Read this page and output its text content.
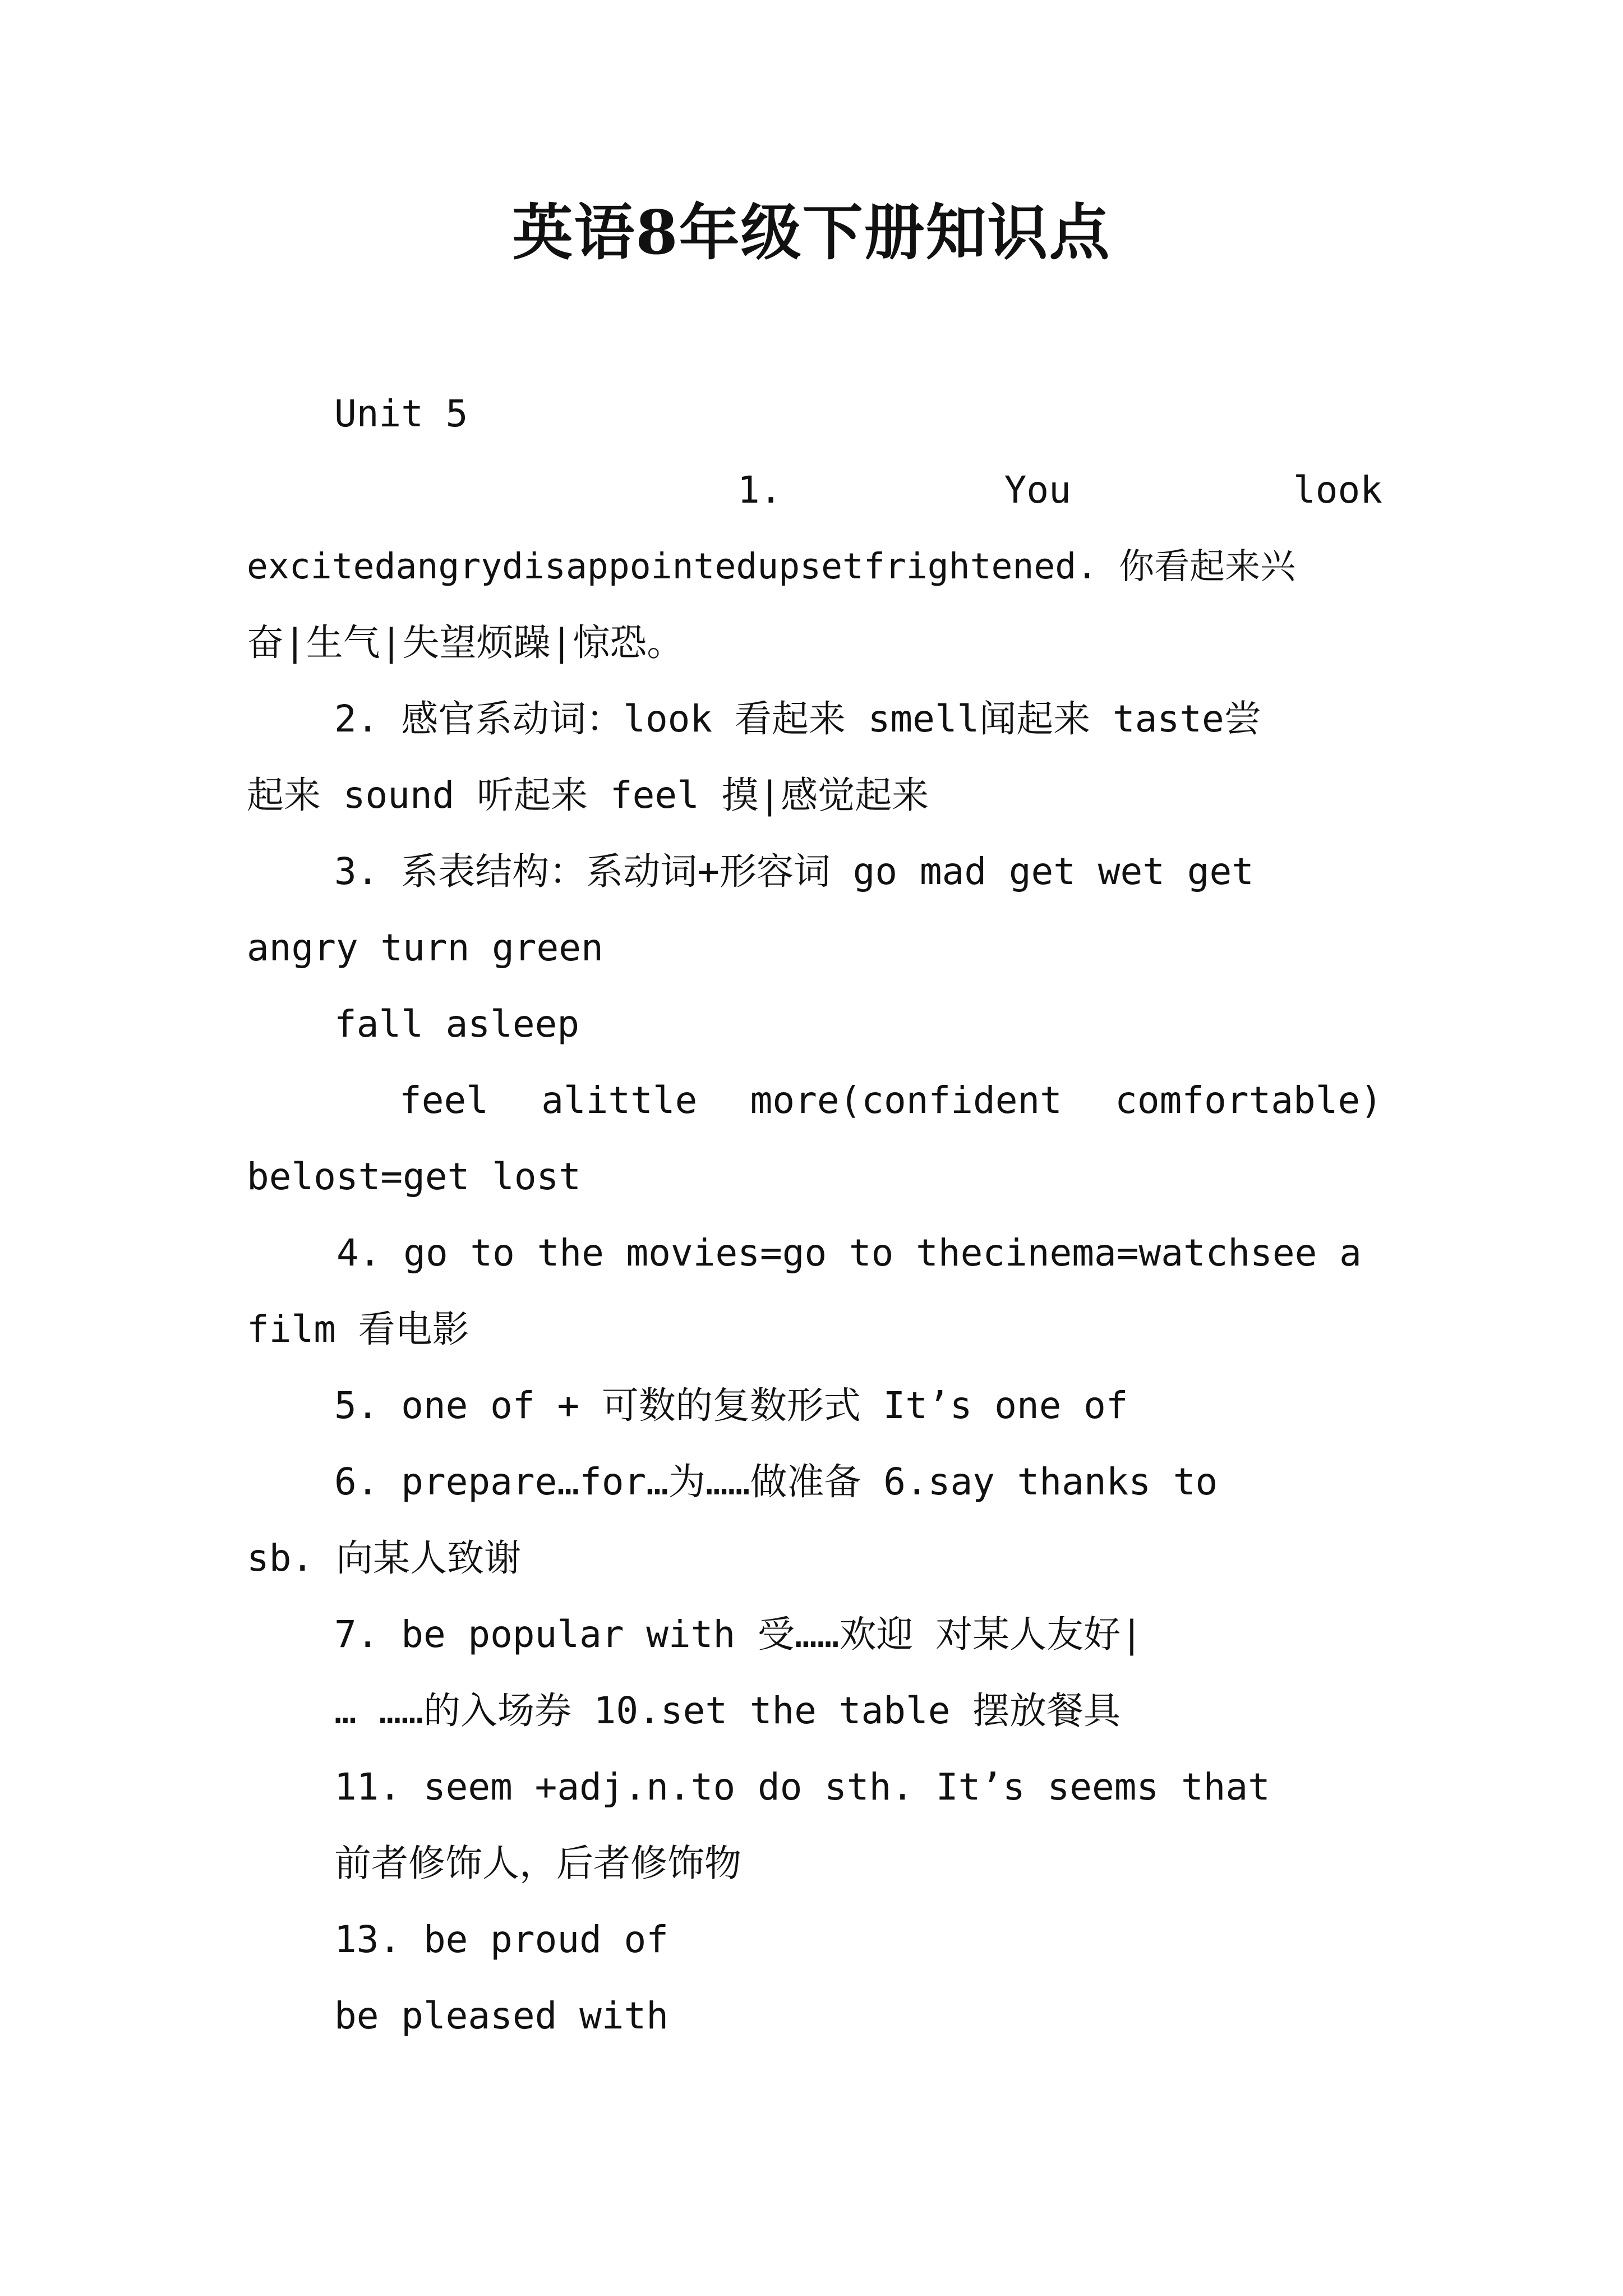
英语8年级下册知识点
Unit 5
1.	You	look
excitedangrydisappointedupsetfrightened. 你看起来兴
奋|生气|失望烦躁|惊恐。
2. 感官系动词：look 看起来 smell闻起来 taste尝
起来 sound 听起来 feel 摸|感觉起来
3. 系表结构：系动词+形容词 go mad get wet get
angry turn green
fall asleep
feel alittle more(confident comfortable)
belost=get lost
4. go to the movies=go to thecinema=watchsee a
film 看电影
5. one of + 可数的复数形式 It’s one of
6. prepare…for…为……做准备 6.say thanks to
sb. 向某人致谢
7. be popular with 受……欢迎 对某人友好|
… ……的入场券 10.set the table 摆放餐具
11. seem +adj.n.to do sth. It’s seems that
前者修饰人，后者修饰物
13. be proud of
be pleased with
